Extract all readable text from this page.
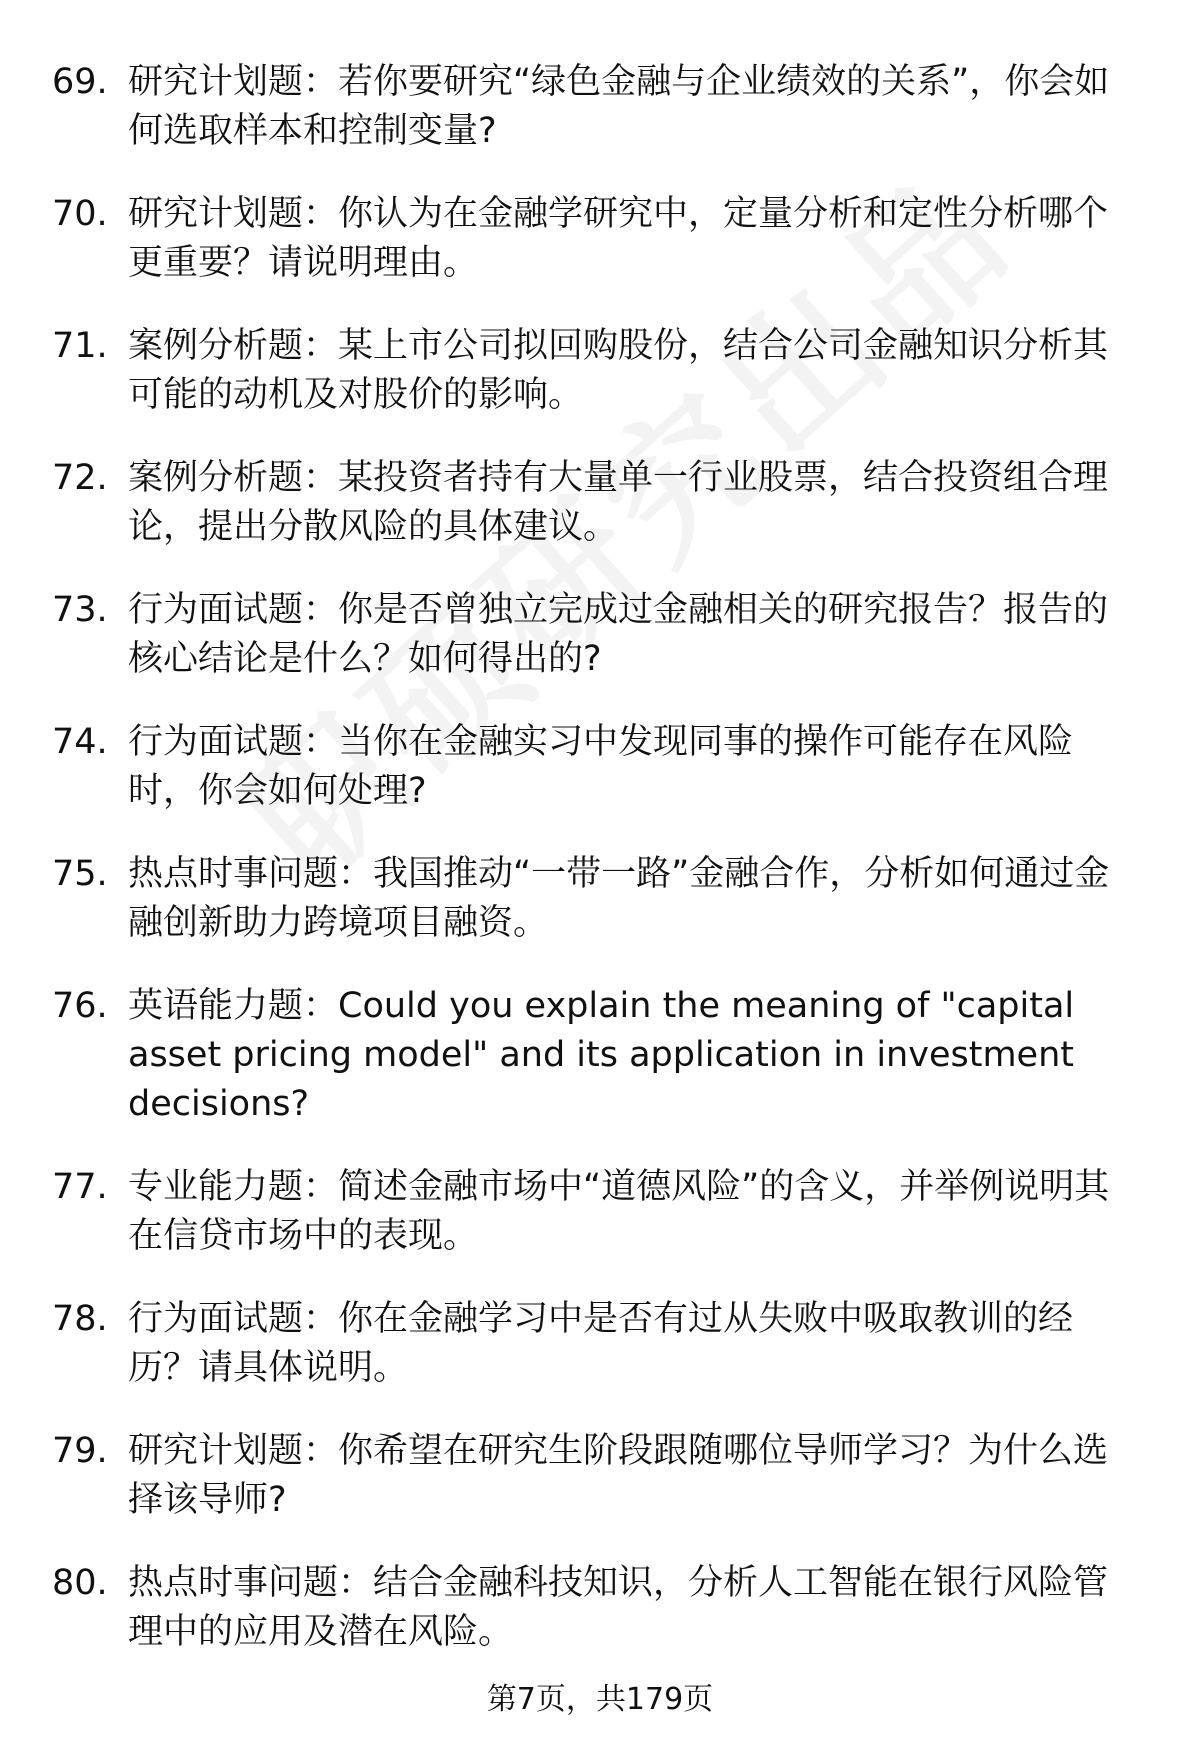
69. 研究计划题：若你要研究“绿色金融与企业绩效的关系”，你会如何选取样本和控制变量?
70. 研究计划题：你认为在金融学研究中，定量分析和定性分析哪个更重要？请说明理由。
71. 案例分析题：某上市公司拟回购股份，结合公司金融知识分析其可能的动机及对股价的影响。
72. 案例分析题：某投资者持有大量单一行业股票，结合投资组合理论，提出分散风险的具体建议。
73. 行为面试题：你是否曾独立完成过金融相关的研究报告？报告的核心结论是什么？如何得出的?
74. 行为面试题：当你在金融实习中发现同事的操作可能存在风险时，你会如何处理?
75. 热点时事问题：我国推动“一带一路”金融合作，分析如何通过金融创新助力跨境项目融资。
76. 英语能力题：Could you explain the meaning of "capital asset pricing model" and its application in investment decisions?
77. 专业能力题：简述金融市场中“道德风险”的含义，并举例说明其在信贷市场中的表现。
78. 行为面试题：你在金融学习中是否有过从失败中吸取教训的经历？请具体说明。
79. 研究计划题：你希望在研究生阶段跟随哪位导师学习？为什么选择该导师?
80. 热点时事问题：结合金融科技知识，分析人工智能在银行风险管理中的应用及潜在风险。
第7页，共179页
